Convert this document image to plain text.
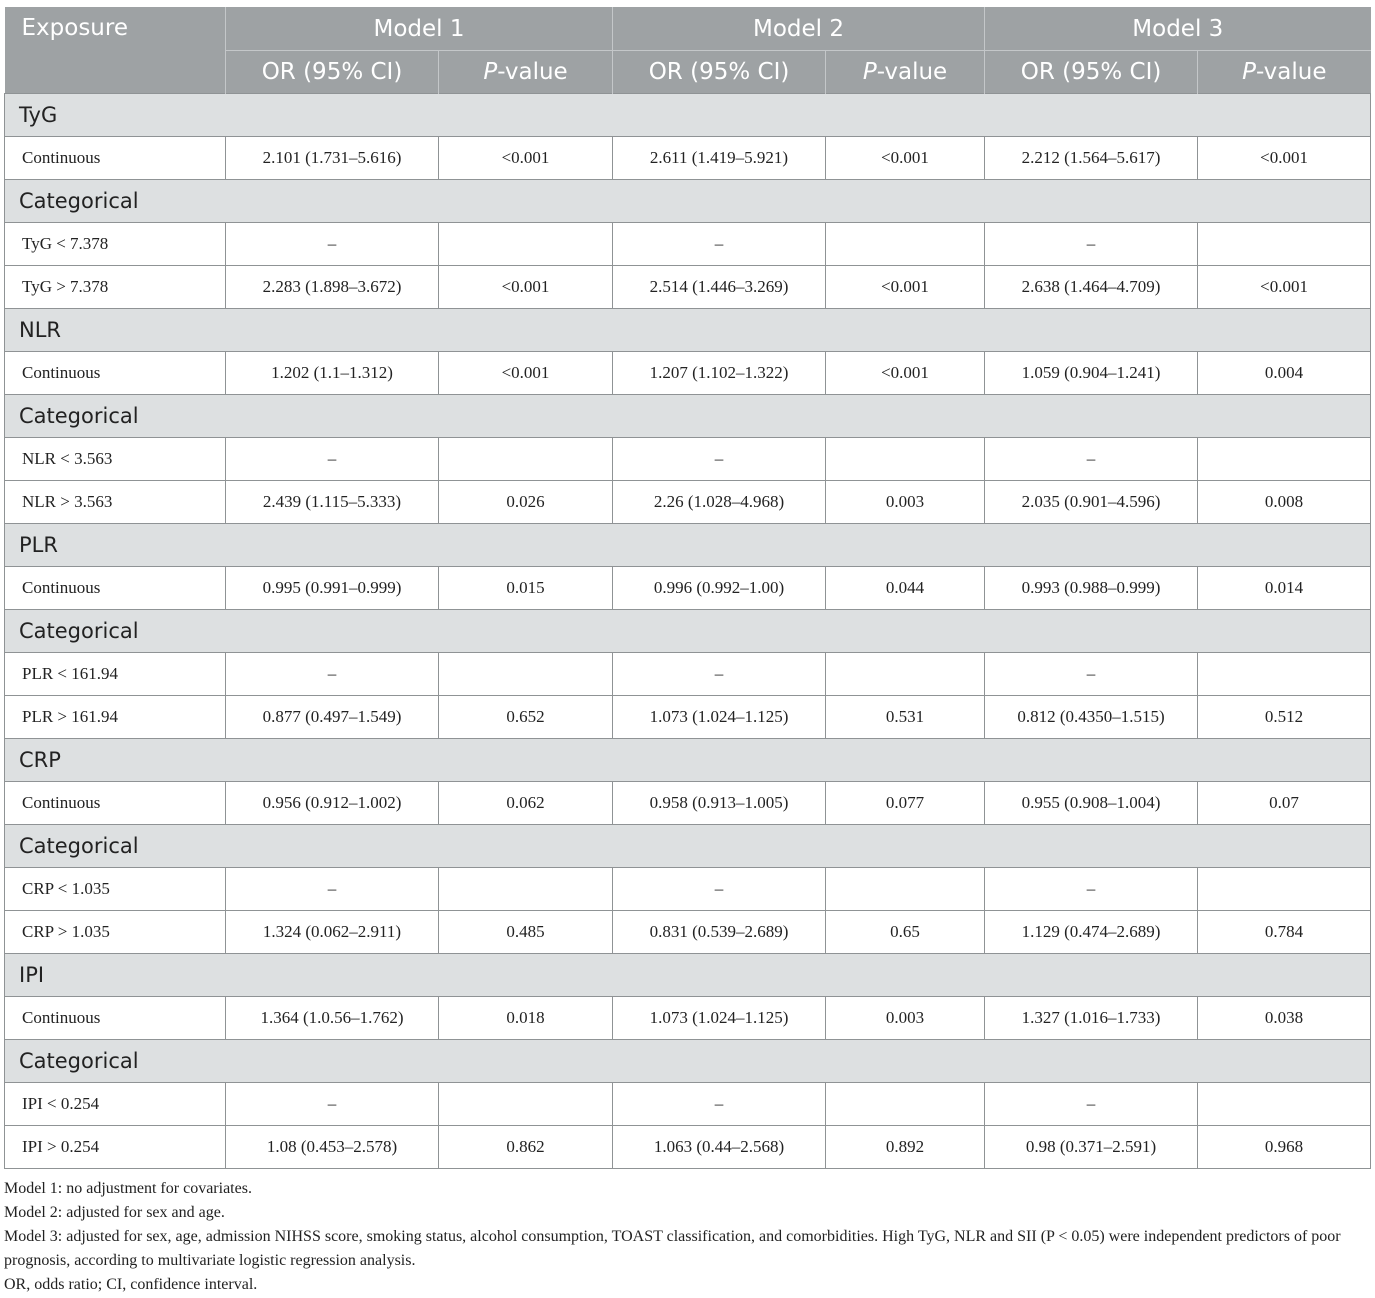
Exposure	Model 1		Model 2		Model 3	
	OR (95% CI)	P-value	OR (95% CI)	P-value	OR (95% CI)	P-value
TyG						
Continuous	2.101 (1.731–5.616)	<0.001	2.611 (1.419–5.921)	<0.001	2.212 (1.564–5.617)	<0.001
Categorical						
TyG < 7.378	–		–		–	
TyG > 7.378	2.283 (1.898–3.672)	<0.001	2.514 (1.446–3.269)	<0.001	2.638 (1.464–4.709)	<0.001
NLR						
Continuous	1.202 (1.1–1.312)	<0.001	1.207 (1.102–1.322)	<0.001	1.059 (0.904–1.241)	0.004
Categorical						
NLR < 3.563	–		–		–	
NLR > 3.563	2.439 (1.115–5.333)	0.026	2.26 (1.028–4.968)	0.003	2.035 (0.901–4.596)	0.008
PLR						
Continuous	0.995 (0.991–0.999)	0.015	0.996 (0.992–1.00)	0.044	0.993 (0.988–0.999)	0.014
Categorical						
PLR < 161.94	–		–		–	
PLR > 161.94	0.877 (0.497–1.549)	0.652	1.073 (1.024–1.125)	0.531	0.812 (0.4350–1.515)	0.512
CRP						
Continuous	0.956 (0.912–1.002)	0.062	0.958 (0.913–1.005)	0.077	0.955 (0.908–1.004)	0.07
Categorical						
CRP < 1.035	–		–		–	
CRP > 1.035	1.324 (0.062–2.911)	0.485	0.831 (0.539–2.689)	0.65	1.129 (0.474–2.689)	0.784
IPI						
Continuous	1.364 (1.0.56–1.762)	0.018	1.073 (1.024–1.125)	0.003	1.327 (1.016–1.733)	0.038
Categorical						
IPI < 0.254	–		–		–	
IPI > 0.254	1.08 (0.453–2.578)	0.862	1.063 (0.44–2.568)	0.892	0.98 (0.371–2.591)	0.968

Model 1: no adjustment for covariates.

Model 2: adjusted for sex and age.

Model 3: adjusted for sex, age, admission NIHSS score, smoking status, alcohol consumption, TOAST classification, and comorbidities. High TyG, NLR and SII (P < 0.05) were independent predictors of poor prognosis, according to multivariate logistic regression analysis.

OR, odds ratio; CI, confidence interval.
